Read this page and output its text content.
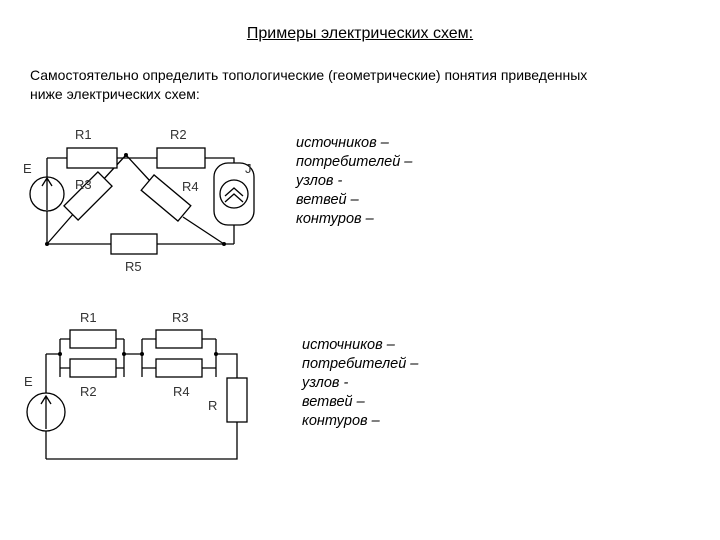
Примеры электрических схем:
Самостоятельно определить топологические (геометрические) понятия приведенных
ниже электрических схем:
R1	R2
R3	R4
R5
E	J
R1
R2
R3
R4
R
E
источников –
потребителей –
узлов -
ветвей –
контуров –
источников –
потребителей –
узлов -
ветвей –
контуров –
